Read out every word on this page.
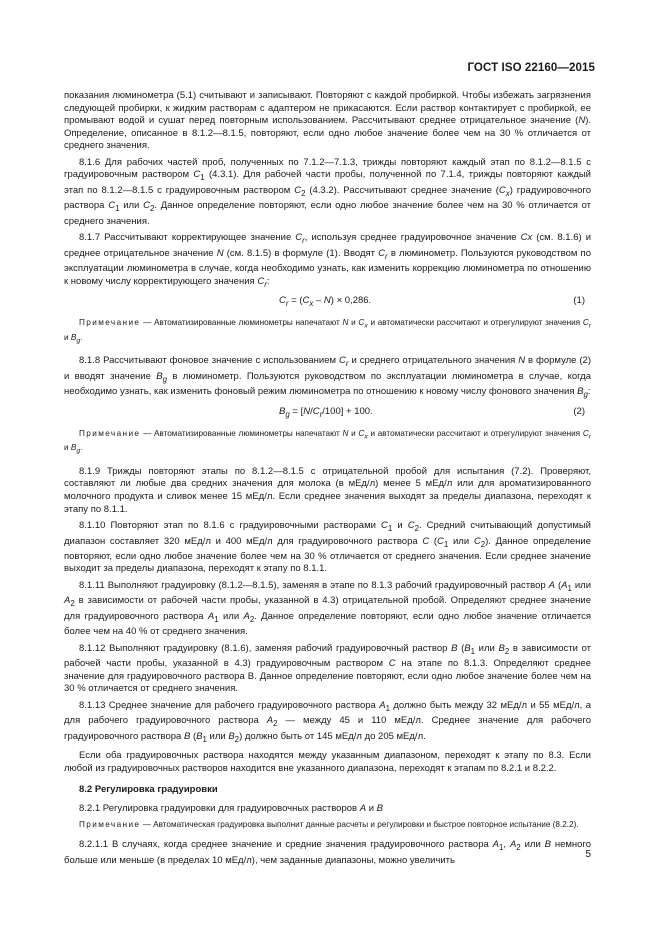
ГОСТ ISO 22160—2015

показания люминометра (5.1) считывают и записывают. Повторяют с каждой пробиркой. Чтобы избежать загрязнения следующей пробирки, к жидким растворам с адаптером не прикасаются. Если раствор контактирует с пробиркой, ее промывают водой и сушат перед повторным использованием. Рассчитывают среднее отрицательное значение (N). Определение, описанное в 8.1.2—8.1.5, повторяют, если одно любое значение более чем на 30 % отличается от среднего значения.

8.1.6 Для рабочих частей проб, полученных по 7.1.2—7.1.3, трижды повторяют каждый этап по 8.1.2—8.1.5 с градуировочным раствором $C_1$ (4.3.1). Для рабочей части пробы, полученной по 7.1.4, трижды повторяют каждый этап по 8.1.2—8.1.5 с градуировочным раствором $C_2$ (4.3.2). Рассчитывают среднее значение $(C_x)$ градуировочного раствора $C_1$ или $C_2$. Данное определение повторяют, если одно любое значение более чем на 30 % отличается от среднего значения.

8.1.7 Рассчитывают корректирующее значение $C_r$, используя среднее градуировочное значение Cx (см. 8.1.6) и среднее отрицательное значение N (см. 8.1.5) в формуле (1). Вводят $C_r$ в люминометр. Пользуются руководством по эксплуатации люминометра в случае, когда необходимо узнать, как изменить коррекцию люминометра по отношению к новому числу корректирующего значения $C_r$:

$C_r = (C_x - N) \times 0,286$.	(1)

Примечание — Автоматизированные люминометры напечатают N и $C_x$ и автоматически рассчитают и отрегулируют значения $C_r$ и $B_g$.

8.1.8 Рассчитывают фоновое значение с использованием $C_r$ и среднего отрицательного значения N в формуле (2) и вводят значение $B_g$ в люминометр. Пользуются руководством по эксплуатации люминометра в случае, когда необходимо узнать, как изменить фоновый режим люминометра по отношению к новому числу фонового значения $B_g$:

$B_g = [N/C_r/100] + 100$.	(2)

Примечание — Автоматизированные люминометры напечатают N и $C_x$ и автоматически рассчитают и отрегулируют значения $C_r$ и $B_g$.

8.1.9 Трижды повторяют этапы по 8.1.2—8.1.5 с отрицательной пробой для испытания (7.2). Проверяют, составляют ли любые два средних значения для молока (в мЕд/л) менее 5 мЕд/л или для ароматизированного молочного продукта и сливок менее 15 мЕд/л. Если среднее значения выходят за пределы диапазона, переходят к этапу по 8.1.1.

8.1.10 Повторяют этап по 8.1.6 с градуировочными растворами $C_1$ и $C_2$. Средний считывающий допустимый диапазон составляет 320 мЕд/л и 400 мЕд/л для градуировочного раствора C ($C_1$ или $C_2$). Данное определение повторяют, если одно любое значение более чем на 30 % отличается от среднего значения. Если среднее значение выходит за пределы диапазона, переходят к этапу по 8.1.1.

8.1.11 Выполняют градуировку (8.1.2—8.1.5), заменяя в этапе по 8.1.3 рабочий градуировочный раствор A ($A_1$ или $A_2$ в зависимости от рабочей части пробы, указанной в 4.3) отрицательной пробой. Определяют среднее значение для градуировочного раствора $A_1$ или $A_2$. Данное определение повторяют, если одно любое значение отличается более чем на 40 % от среднего значения.

8.1.12 Выполняют градуировку (8.1.6), заменяя рабочий градуировочный раствор B ($B_1$ или $B_2$ в зависимости от рабочей части пробы, указанной в 4.3) градуировочным раствором C на этапе по 8.1.3. Определяют среднее значение для градуировочного раствора В. Данное определение повторяют, если одно любое значение более чем на 30 % отличается от среднего значения.

8.1.13 Среднее значение для рабочего градуировочного раствора $A_1$ должно быть между 32 мЕд/л и 55 мЕд/л, а для рабочего градуировочного раствора $A_2$ — между 45 и 110 мЕд/л. Среднее значение для рабочего градуировочного раствора B ($B_1$ или $B_2$) должно быть от 145 мЕд/л до 205 мЕд/л.

Если оба градуировочных раствора находятся между указанным диапазоном, переходят к этапу по 8.3. Если любой из градуировочных растворов находится вне указанного диапазона, переходят к этапам по 8.2.1 и 8.2.2.

8.2 Регулировка градуировки

8.2.1 Регулировка градуировки для градуировочных растворов A и B

Примечание — Автоматическая градуировка выполнит данные расчеты и регулировки и быстрое повторное испытание (8.2.2).

8.2.1.1 В случаях, когда среднее значение и средние значения градуировочного раствора $A_1$, $A_2$ или B немного больше или меньше (в пределах 10 мЕд/л), чем заданные диапазоны, можно увеличить

5
